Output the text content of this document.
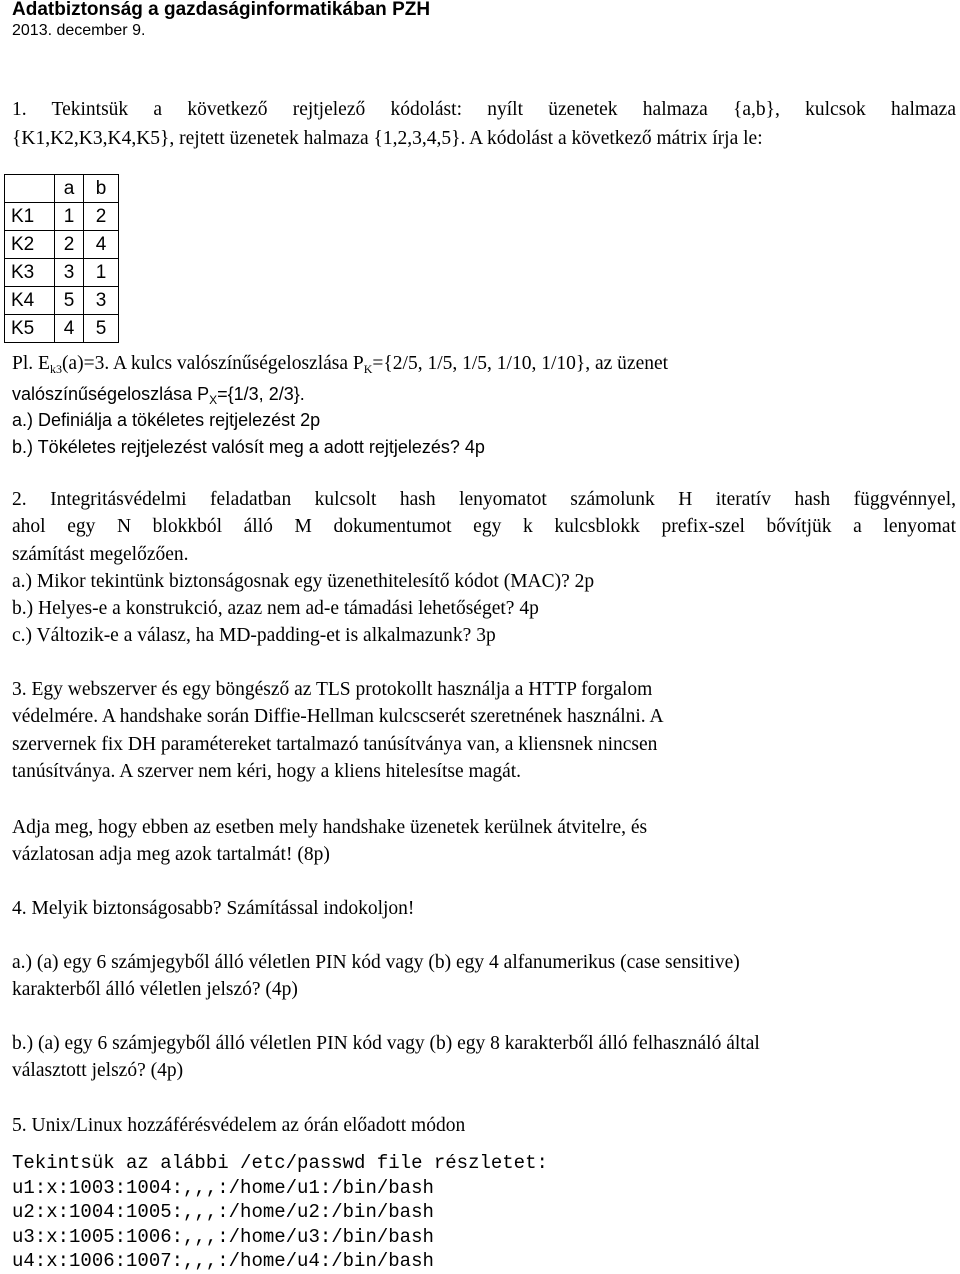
Adatbiztonság a gazdaságinformatikában PZH
2013. december 9.
1. Tekintsük a következő rejtjelező kódolást: nyílt üzenetek halmaza {a,b}, kulcsok halmaza
{K1,K2,K3,K4,K5}, rejtett üzenetek halmaza {1,2,3,4,5}. A kódolást a következő mátrix írja le:
	a	b
K1	1	2
K2	2	4
K3	3	1
K4	5	3
K5	4	5
Pl. $E_{k3}(a)=3$. A kulcs valószínűségeloszlása $P_K=\{2/5$, 1/5, 1/5, 1/10, 1/10}, az üzenet
valószínűségeloszlása $P_X=\{1/3$, 2/3}.
a.) Definiálja a tökéletes rejtjelezést 2p
b.) Tökéletes rejtjelezést valósít meg a adott rejtjelezés? 4p
2. Integritásvédelmi feladatban kulcsolt hash lenyomatot számolunk H iteratív hash függvénnyel,
ahol egy N blokkból álló M dokumentumot egy k kulcsblokk prefix-szel bővítjük a lenyomat
számítást megelőzően.
a.) Mikor tekintünk biztonságosnak egy üzenethitelesítő kódot (MAC)? 2p
b.) Helyes-e a konstrukció, azaz nem ad-e támadási lehetőséget? 4p
c.) Változik-e a válasz, ha MD-padding-et is alkalmazunk? 3p
3. Egy webszerver és egy böngésző az TLS protokollt használja a HTTP forgalom
védelmére. A handshake során Diffie-Hellman kulcscserét szeretnének használni. A
szervernek fix DH paramétereket tartalmazó tanúsítványa van, a kliensnek nincsen
tanúsítványa. A szerver nem kéri, hogy a kliens hitelesítse magát.
Adja meg, hogy ebben az esetben mely handshake üzenetek kerülnek átvitelre, és
vázlatosan adja meg azok tartalmát! (8p)
4. Melyik biztonságosabb? Számítással indokoljon!
a.) (a) egy 6 számjegyből álló véletlen PIN kód vagy (b) egy 4 alfanumerikus (case sensitive)
karakterből álló véletlen jelszó? (4p)
b.) (a) egy 6 számjegyből álló véletlen PIN kód vagy (b) egy 8 karakterből álló felhasználó által
választott jelszó? (4p)
5. Unix/Linux hozzáférésvédelem az órán előadott módon
Tekintsük az alábbi /etc/passwd file részletet:
u1:x:1003:1004:,,,:/home/u1:/bin/bash
u2:x:1004:1005:,,,:/home/u2:/bin/bash
u3:x:1005:1006:,,,:/home/u3:/bin/bash
u4:x:1006:1007:,,,:/home/u4:/bin/bash
